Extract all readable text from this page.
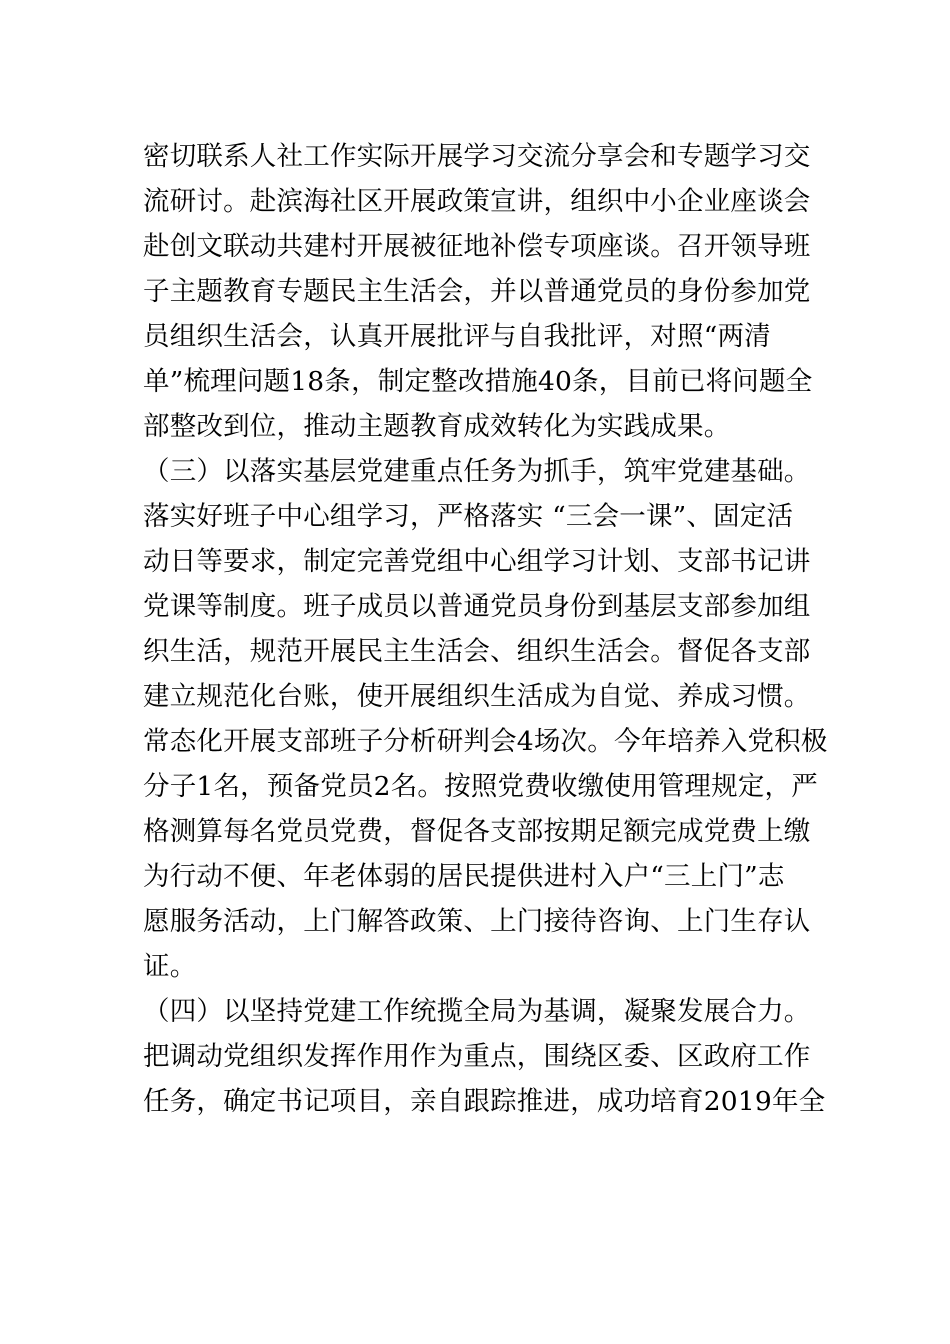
密切联系人社工作实际开展学习交流分享会和专题学习交
流研讨。赴滨海社区开展政策宣讲，组织中小企业座谈会
赴创文联动共建村开展被征地补偿专项座谈。召开领导班
子主题教育专题民主生活会，并以普通党员的身份参加党
员组织生活会，认真开展批评与自我批评，对照“两清
单”梳理问题18条，制定整改措施40条，目前已将问题全
部整改到位，推动主题教育成效转化为实践成果。
（三）以落实基层党建重点任务为抓手，筑牢党建基础。
落实好班子中心组学习，严格落实 “三会一课”、固定活
动日等要求，制定完善党组中心组学习计划、支部书记讲
党课等制度。班子成员以普通党员身份到基层支部参加组
织生活，规范开展民主生活会、组织生活会。督促各支部
建立规范化台账，使开展组织生活成为自觉、养成习惯。
常态化开展支部班子分析研判会4场次。今年培养入党积极
分子1名，预备党员2名。按照党费收缴使用管理规定，严
格测算每名党员党费，督促各支部按期足额完成党费上缴
为行动不便、年老体弱的居民提供进村入户“三上门”志
愿服务活动，上门解答政策、上门接待咨询、上门生存认
证。
（四）以坚持党建工作统揽全局为基调，凝聚发展合力。
把调动党组织发挥作用作为重点，围绕区委、区政府工作
任务，确定书记项目，亲自跟踪推进，成功培育2019年全
